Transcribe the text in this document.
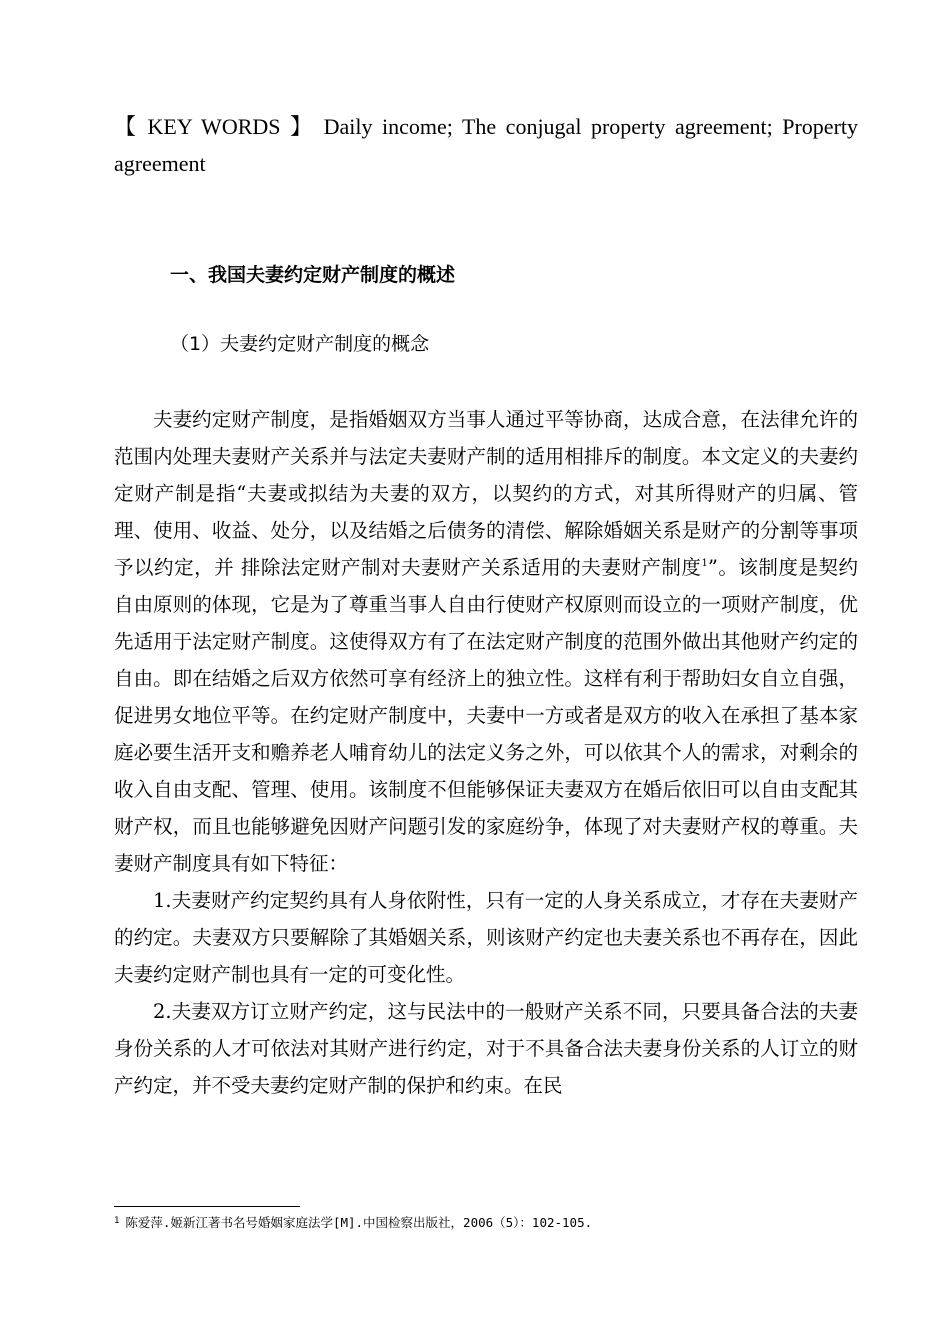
【 KEY WORDS 】 Daily income; The conjugal property agreement; Property agreement
一、我国夫妻约定财产制度的概述
（1）夫妻约定财产制度的概念

夫妻约定财产制度，是指婚姻双方当事人通过平等协商，达成合意，在法律允许的范围内处理夫妻财产关系并与法定夫妻财产制的适用相排斥的制度。本文定义的夫妻约定财产制是指“夫妻或拟结为夫妻的双方，以契约的方式，对其所得财产的归属、管理、使用、收益、处分，以及结婚之后债务的清偿、解除婚姻关系是财产的分割等事项予以约定，并 排除法定财产制对夫妻财产关系适用的夫妻财产制度$^1$”。该制度是契约自由原则的体现，它是为了尊重当事人自由行使财产权原则而设立的一项财产制度，优先适用于法定财产制度。这使得双方有了在法定财产制度的范围外做出其他财产约定的自由。即在结婚之后双方依然可享有经济上的独立性。这样有利于帮助妇女自立自强，促进男女地位平等。在约定财产制度中，夫妻中一方或者是双方的收入在承担了基本家庭必要生活开支和赡养老人哺育幼儿的法定义务之外，可以依其个人的需求，对剩余的收入自由支配、管理、使用。该制度不但能够保证夫妻双方在婚后依旧可以自由支配其财产权，而且也能够避免因财产问题引发的家庭纷争，体现了对夫妻财产权的尊重。夫妻财产制度具有如下特征：

1.夫妻财产约定契约具有人身依附性，只有一定的人身关系成立，才存在夫妻财产的约定。夫妻双方只要解除了其婚姻关系，则该财产约定也夫妻关系也不再存在，因此夫妻约定财产制也具有一定的可变化性。

2.夫妻双方订立财产约定，这与民法中的一般财产关系不同，只要具备合法的夫妻身份关系的人才可依法对其财产进行约定，对于不具备合法夫妻身份关系的人订立的财产约定，并不受夫妻约定财产制的保护和约束。在民

$^1$ 陈爱萍.姬新江著书名号婚姻家庭法学[M].中国检察出版社，2006（5）：102-105.
